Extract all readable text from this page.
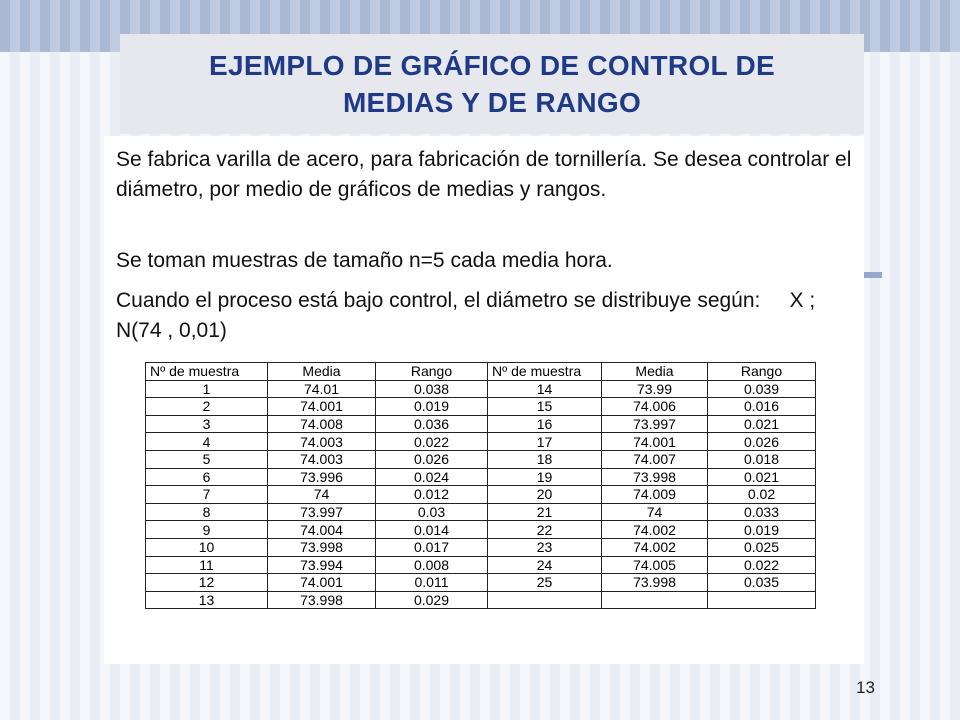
EJEMPLO DE GRÁFICO DE CONTROL DE
MEDIAS Y DE RANGO

Se fabrica varilla de acero, para fabricación de tornillería. Se desea controlar el diámetro, por medio de gráficos de medias y rangos.

Se toman muestras de tamaño n=5 cada media hora.

Cuando el proceso está bajo control, el diámetro se distribuye según:     X ; N(74 , 0,01)

Nº de muestra	Media	Rango	Nº de muestra	Media	Rango
1	74.01	0.038	14	73.99	0.039
2	74.001	0.019	15	74.006	0.016
3	74.008	0.036	16	73.997	0.021
4	74.003	0.022	17	74.001	0.026
5	74.003	0.026	18	74.007	0.018
6	73.996	0.024	19	73.998	0.021
7	74	0.012	20	74.009	0.02
8	73.997	0.03	21	74	0.033
9	74.004	0.014	22	74.002	0.019
10	73.998	0.017	23	74.002	0.025
11	73.994	0.008	24	74.005	0.022
12	74.001	0.011	25	73.998	0.035
13	73.998	0.029			
13
